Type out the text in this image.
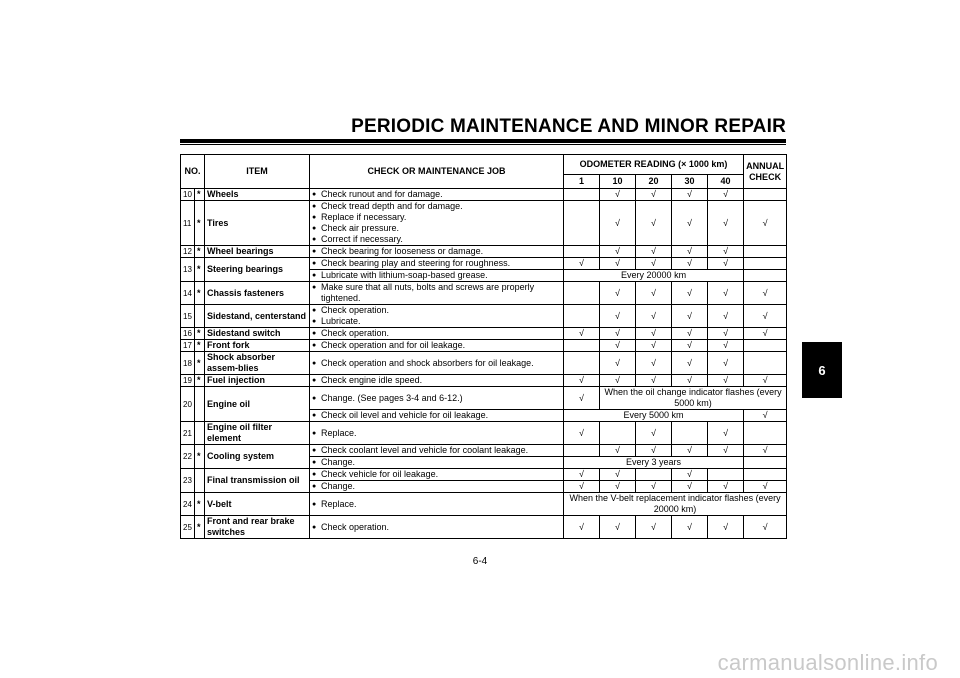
PERIODIC MAINTENANCE AND MINOR REPAIR
6
NO.		ITEM	CHECK OR MAINTENANCE JOB	ODOMETER READING (× 1000 km)					ANNUAL CHECK
				1	10	20	30	40	
10	*	Wheels	● Check runout and for damage.		√	√	√	√	
11	*	Tires	● Check tread depth and for damage.
● Replace if necessary.
● Check air pressure.
● Correct if necessary.		√	√	√	√	√
12	*	Wheel bearings	● Check bearing for looseness or damage.		√	√	√	√	
13	*	Steering bearings	● Check bearing play and steering for roughness.	√	√	√	√	√	

			● Lubricate with lithium-soap-based grease.	Every 20000 km					
14	*	Chassis fasteners	● Make sure that all nuts, bolts and screws are properly tightened.		√	√	√	√	√
15		Sidestand, centerstand	● Check operation.
● Lubricate.		√	√	√	√	√
16	*	Sidestand switch	● Check operation.	√	√	√	√	√	√
17	*	Front fork	● Check operation and for oil leakage.		√	√	√	√	
18	*	Shock absorber assem-blies	● Check operation and shock absorbers for oil leakage.		√	√	√	√	
19	*	Fuel injection	● Check engine idle speed.	√	√	√	√	√	√
20		Engine oil	● Change. (See pages 3-4 and 6-12.)	√	When the oil change indicator flashes (every 5000 km)				

			● Check oil level and vehicle for oil leakage.	Every 5000 km					√
21		Engine oil filter element	● Replace.	√		√		√	
22	*	Cooling system	● Check coolant level and vehicle for coolant leakage.		√	√	√	√	√

			● Change.	Every 3 years					
23		Final transmission oil	● Check vehicle for oil leakage.	√	√		√		

			● Change.	√	√	√	√	√	√
24	*	V-belt	● Replace.	When the V-belt replacement indicator flashes (every 20000 km)					
25	*	Front and rear brake switches	● Check operation.	√	√	√	√	√	√
6-4
carmanualsonline.info
